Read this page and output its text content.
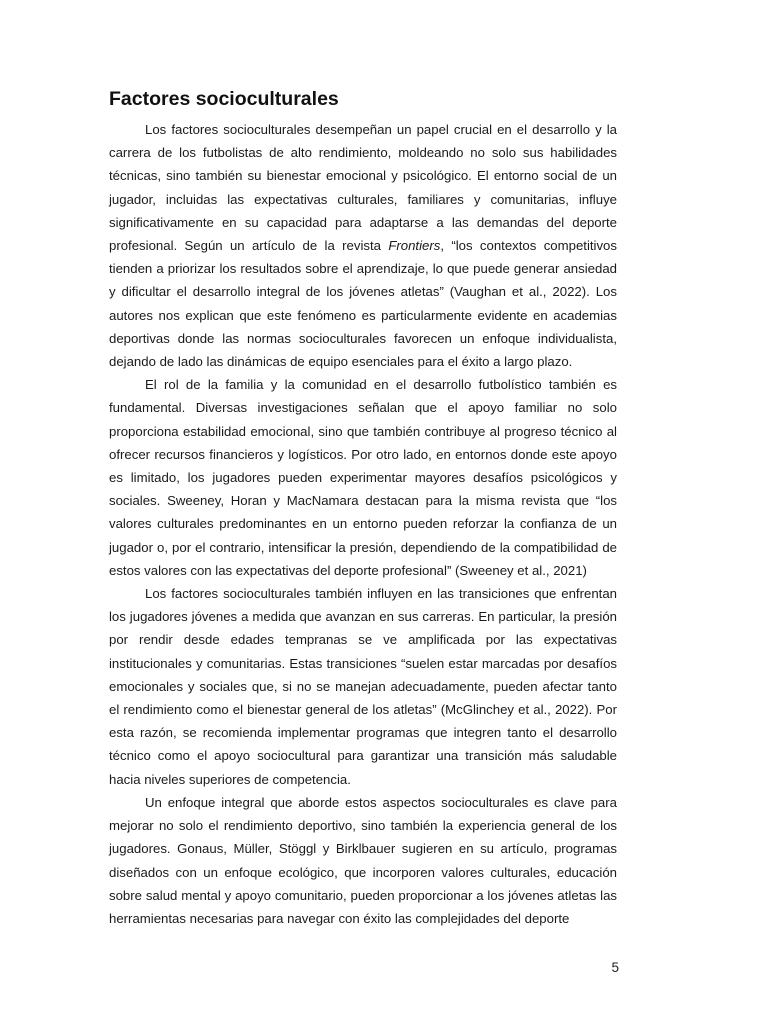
Factores socioculturales

Los factores socioculturales desempeñan un papel crucial en el desarrollo y la carrera de los futbolistas de alto rendimiento, moldeando no solo sus habilidades técnicas, sino también su bienestar emocional y psicológico. El entorno social de un jugador, incluidas las expectativas culturales, familiares y comunitarias, influye significativamente en su capacidad para adaptarse a las demandas del deporte profesional. Según un artículo de la revista Frontiers, “los contextos competitivos tienden a priorizar los resultados sobre el aprendizaje, lo que puede generar ansiedad y dificultar el desarrollo integral de los jóvenes atletas” (Vaughan et al., 2022). Los autores nos explican que este fenómeno es particularmente evidente en academias deportivas donde las normas socioculturales favorecen un enfoque individualista, dejando de lado las dinámicas de equipo esenciales para el éxito a largo plazo.

El rol de la familia y la comunidad en el desarrollo futbolístico también es fundamental. Diversas investigaciones señalan que el apoyo familiar no solo proporciona estabilidad emocional, sino que también contribuye al progreso técnico al ofrecer recursos financieros y logísticos. Por otro lado, en entornos donde este apoyo es limitado, los jugadores pueden experimentar mayores desafíos psicológicos y sociales. Sweeney, Horan y MacNamara destacan para la misma revista que “los valores culturales predominantes en un entorno pueden reforzar la confianza de un jugador o, por el contrario, intensificar la presión, dependiendo de la compatibilidad de estos valores con las expectativas del deporte profesional” (Sweeney et al., 2021)

Los factores socioculturales también influyen en las transiciones que enfrentan los jugadores jóvenes a medida que avanzan en sus carreras. En particular, la presión por rendir desde edades tempranas se ve amplificada por las expectativas institucionales y comunitarias. Estas transiciones “suelen estar marcadas por desafíos emocionales y sociales que, si no se manejan adecuadamente, pueden afectar tanto el rendimiento como el bienestar general de los atletas” (McGlinchey et al., 2022). Por esta razón, se recomienda implementar programas que integren tanto el desarrollo técnico como el apoyo sociocultural para garantizar una transición más saludable hacia niveles superiores de competencia.

Un enfoque integral que aborde estos aspectos socioculturales es clave para mejorar no solo el rendimiento deportivo, sino también la experiencia general de los jugadores. Gonaus, Müller, Stöggl y Birklbauer sugieren en su artículo, programas diseñados con un enfoque ecológico, que incorporen valores culturales, educación sobre salud mental y apoyo comunitario, pueden proporcionar a los jóvenes atletas las herramientas necesarias para navegar con éxito las complejidades del deporte

5
